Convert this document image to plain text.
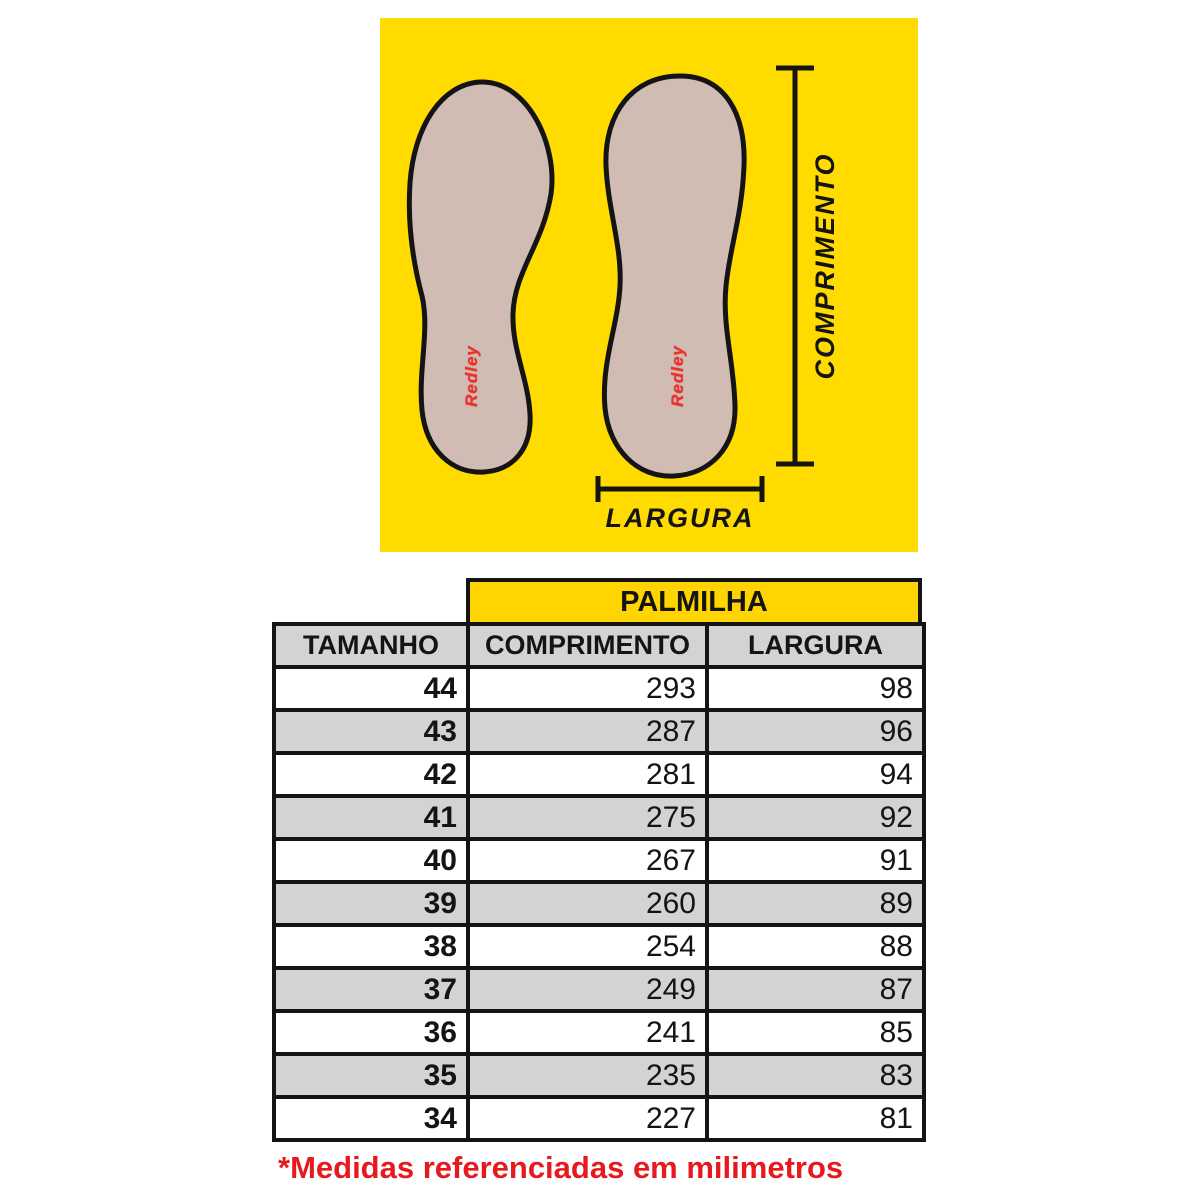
COMPRIMENTO
LARGURA
Redley	Redley
PALMILHA
TAMANHO	COMPRIMENTO	LARGURA
44	293	98
43	287	96
42	281	94
41	275	92
40	267	91
39	260	89
38	254	88
37	249	87
36	241	85
35	235	83
34	227	81
*Medidas referenciadas em milimetros
